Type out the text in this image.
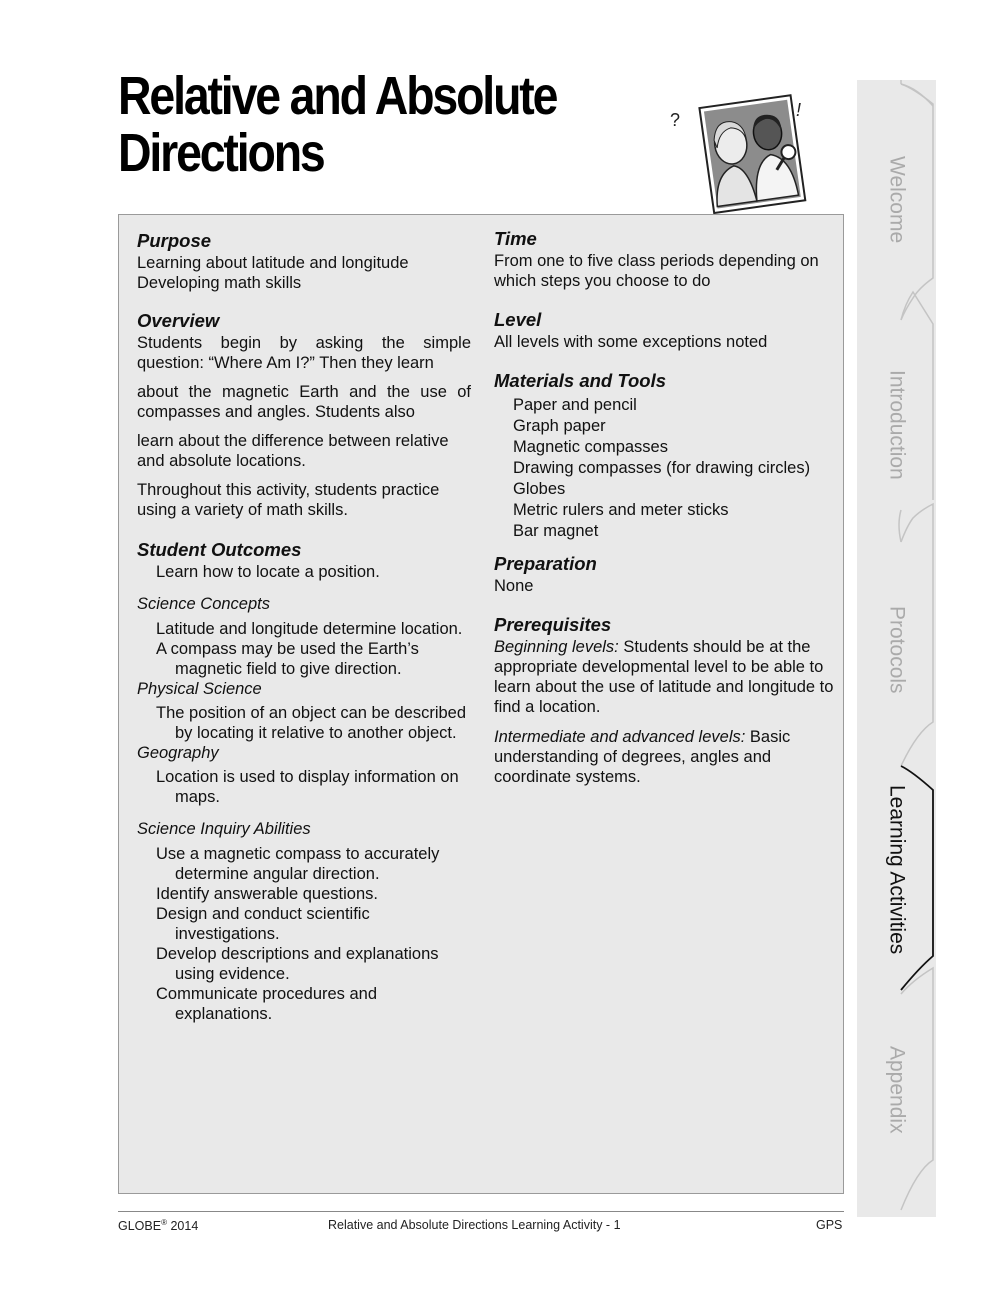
Relative and Absolute
Directions
?	!

Purpose

Learning about latitude and longitude

Developing math skills

Overview

Students begin by asking the simple question: “Where Am I?” Then they learn

about the magnetic Earth and the use of compasses and angles. Students also

learn about the difference between relative and absolute locations.

Throughout this activity, students practice using a variety of math skills.

Student Outcomes

Learn how to locate a position.

Science Concepts

Latitude and longitude determine location.

A compass may be used the Earth’s magnetic field to give direction.

Physical Science

The position of an object can be described by locating it relative to another object.

Geography

Location is used to display information on maps.

Science Inquiry Abilities

Use a magnetic compass to accurately determine angular direction.

Identify answerable questions.

Design and conduct scientific investigations.

Develop descriptions and explanations using evidence.

Communicate procedures and explanations.

Time

From one to five class periods depending on which steps you choose to do

Level

All levels with some exceptions noted

Materials and Tools

Paper and pencil

Graph paper

Magnetic compasses

Drawing compasses (for drawing circles)

Globes

Metric rulers and meter sticks

Bar magnet

Preparation

None

Prerequisites

Beginning levels: Students should be at the appropriate developmental level to be able to learn about the use of latitude and longitude to find a location.

Intermediate and advanced levels: Basic understanding of degrees, angles and coordinate systems.

Welcome
Introduction
Protocols
Learning Activities
Appendix
GLOBE® 2014	Relative and Absolute Directions Learning Activity - 1	GPS
